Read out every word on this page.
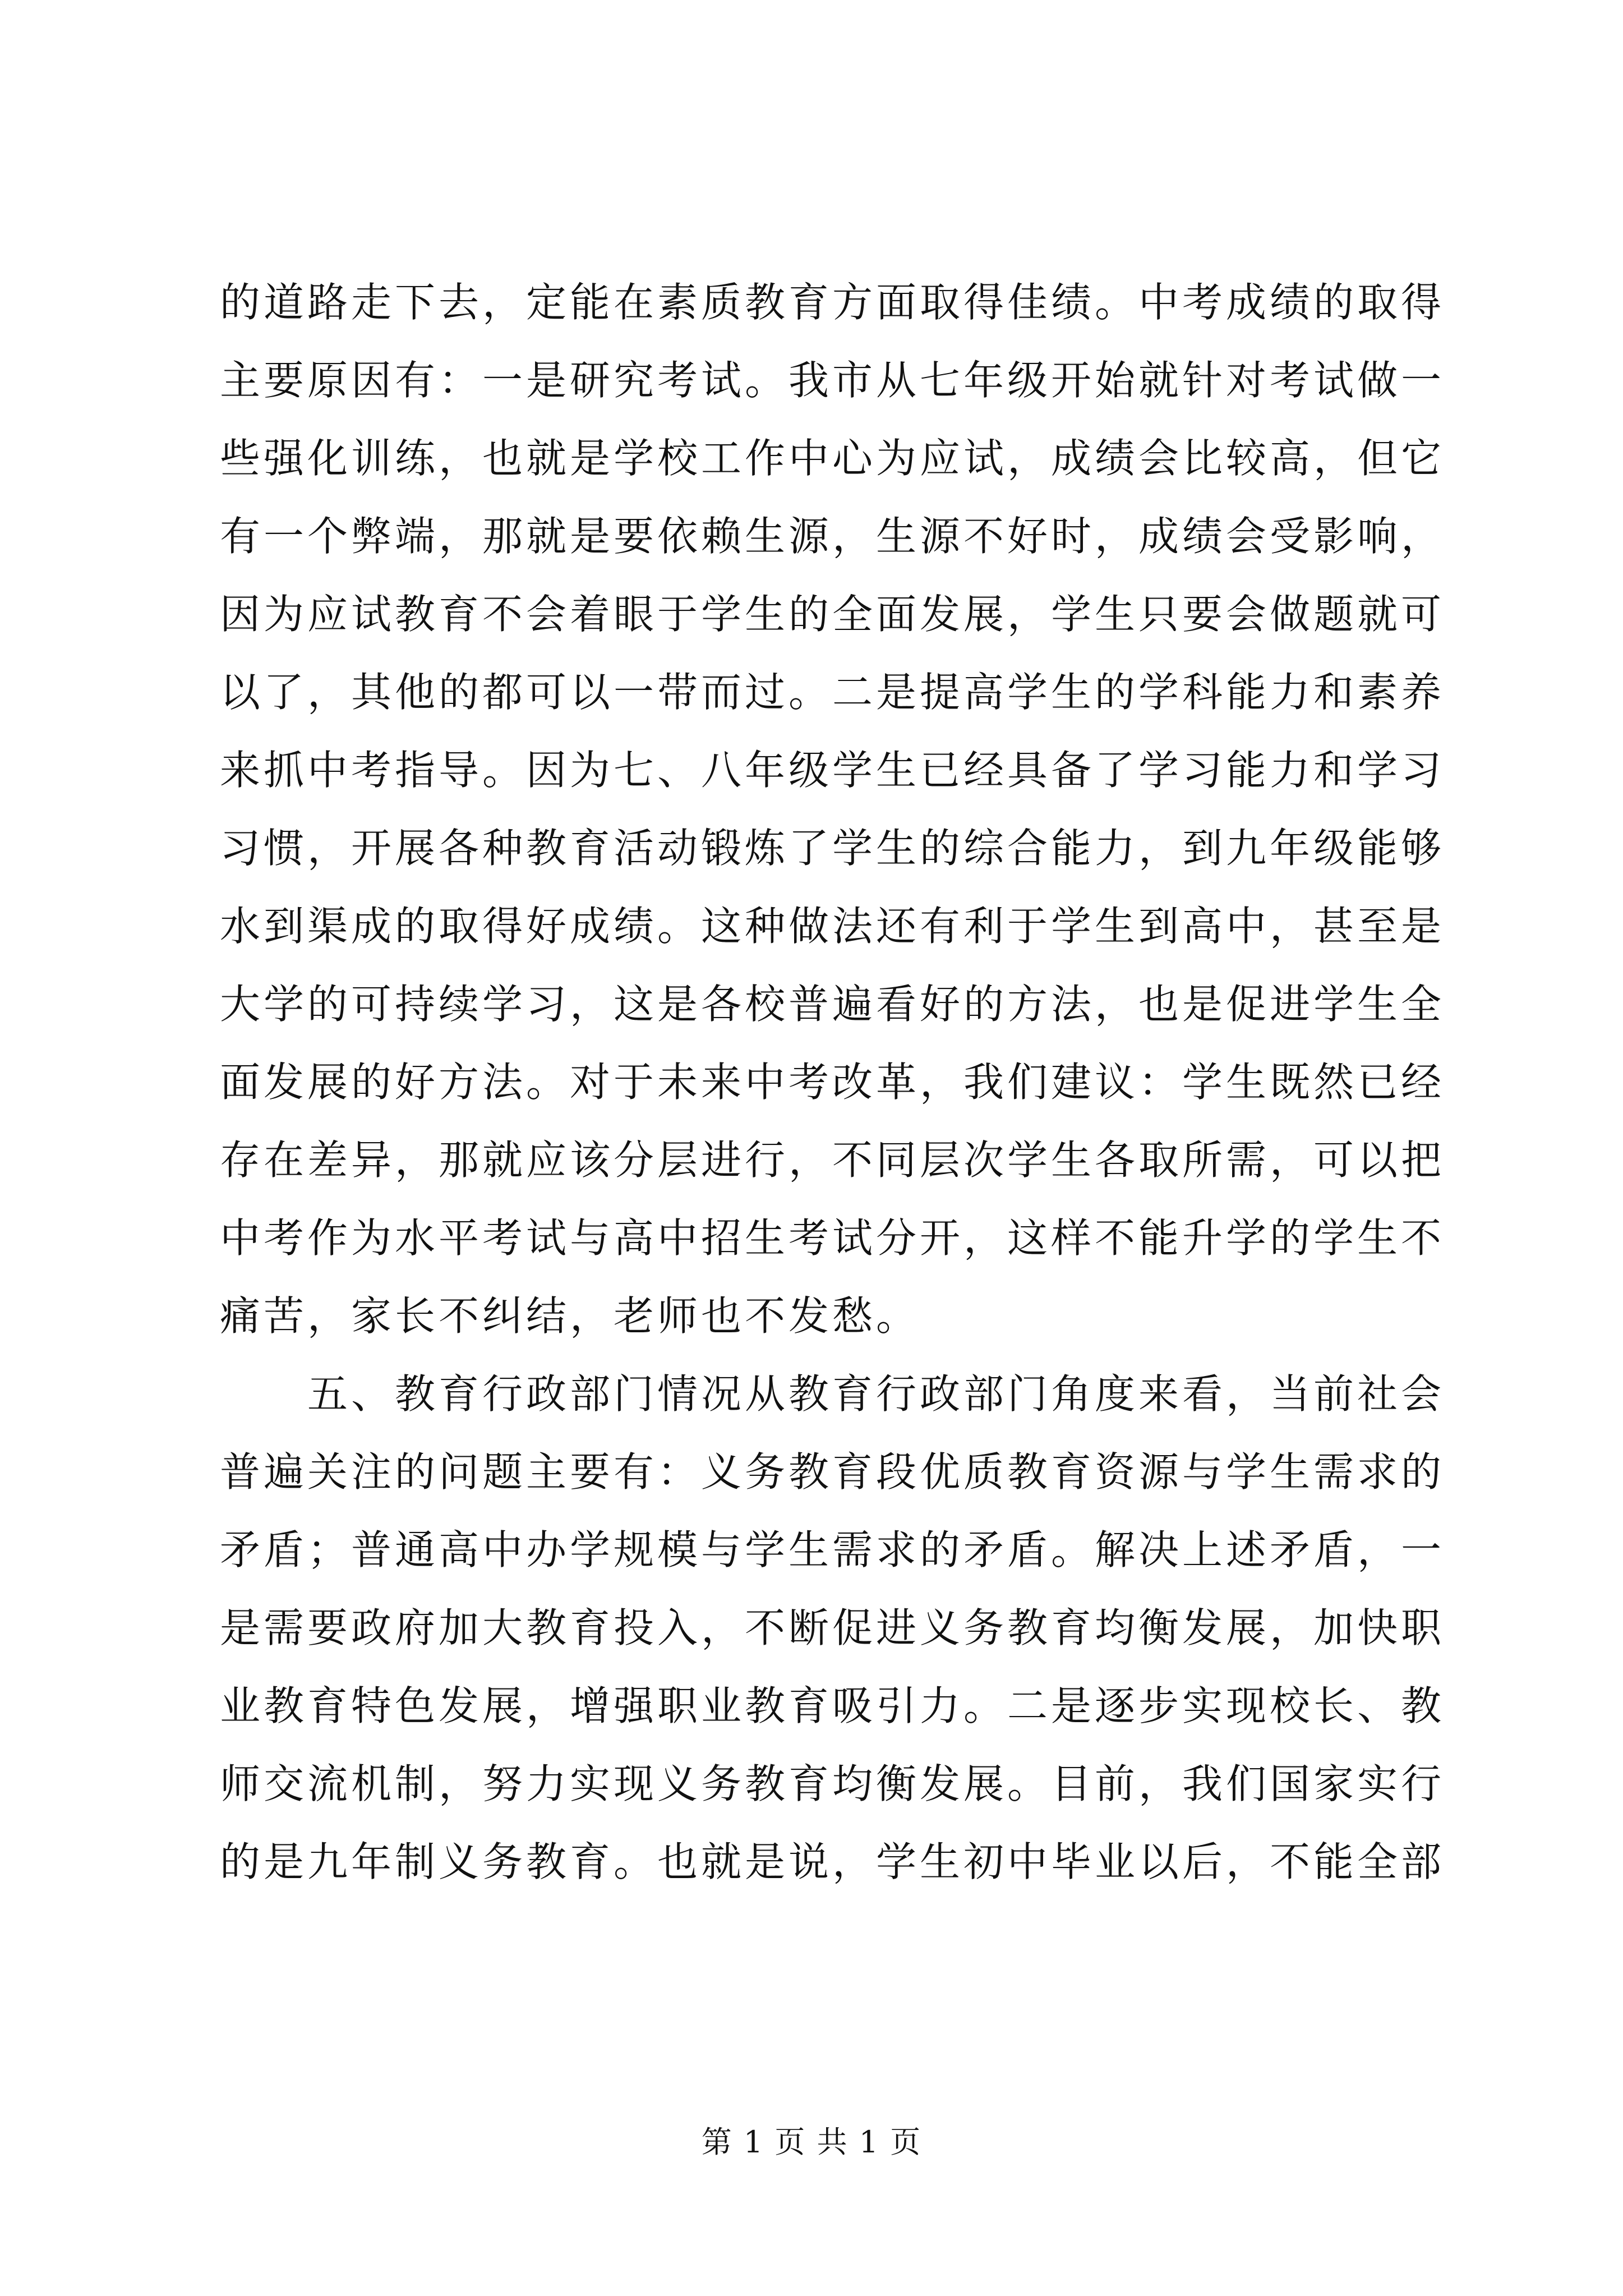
的道路走下去，定能在素质教育方面取得佳绩。中考成绩的取得
主要原因有：一是研究考试。我市从七年级开始就针对考试做一
些强化训练，也就是学校工作中心为应试，成绩会比较高，但它
有一个弊端，那就是要依赖生源，生源不好时，成绩会受影响，
因为应试教育不会着眼于学生的全面发展，学生只要会做题就可
以了，其他的都可以一带而过。二是提高学生的学科能力和素养
来抓中考指导。因为七、八年级学生已经具备了学习能力和学习
习惯，开展各种教育活动锻炼了学生的综合能力，到九年级能够
水到渠成的取得好成绩。这种做法还有利于学生到高中，甚至是
大学的可持续学习，这是各校普遍看好的方法，也是促进学生全
面发展的好方法。对于未来中考改革，我们建议：学生既然已经
存在差异，那就应该分层进行，不同层次学生各取所需，可以把
中考作为水平考试与高中招生考试分开，这样不能升学的学生不
痛苦，家长不纠结，老师也不发愁。
五、教育行政部门情况从教育行政部门角度来看，当前社会
普遍关注的问题主要有：义务教育段优质教育资源与学生需求的
矛盾；普通高中办学规模与学生需求的矛盾。解决上述矛盾，一
是需要政府加大教育投入，不断促进义务教育均衡发展，加快职
业教育特色发展，增强职业教育吸引力。二是逐步实现校长、教
师交流机制，努力实现义务教育均衡发展。目前，我们国家实行
的是九年制义务教育。也就是说，学生初中毕业以后，不能全部
第 1 页 共 1 页
